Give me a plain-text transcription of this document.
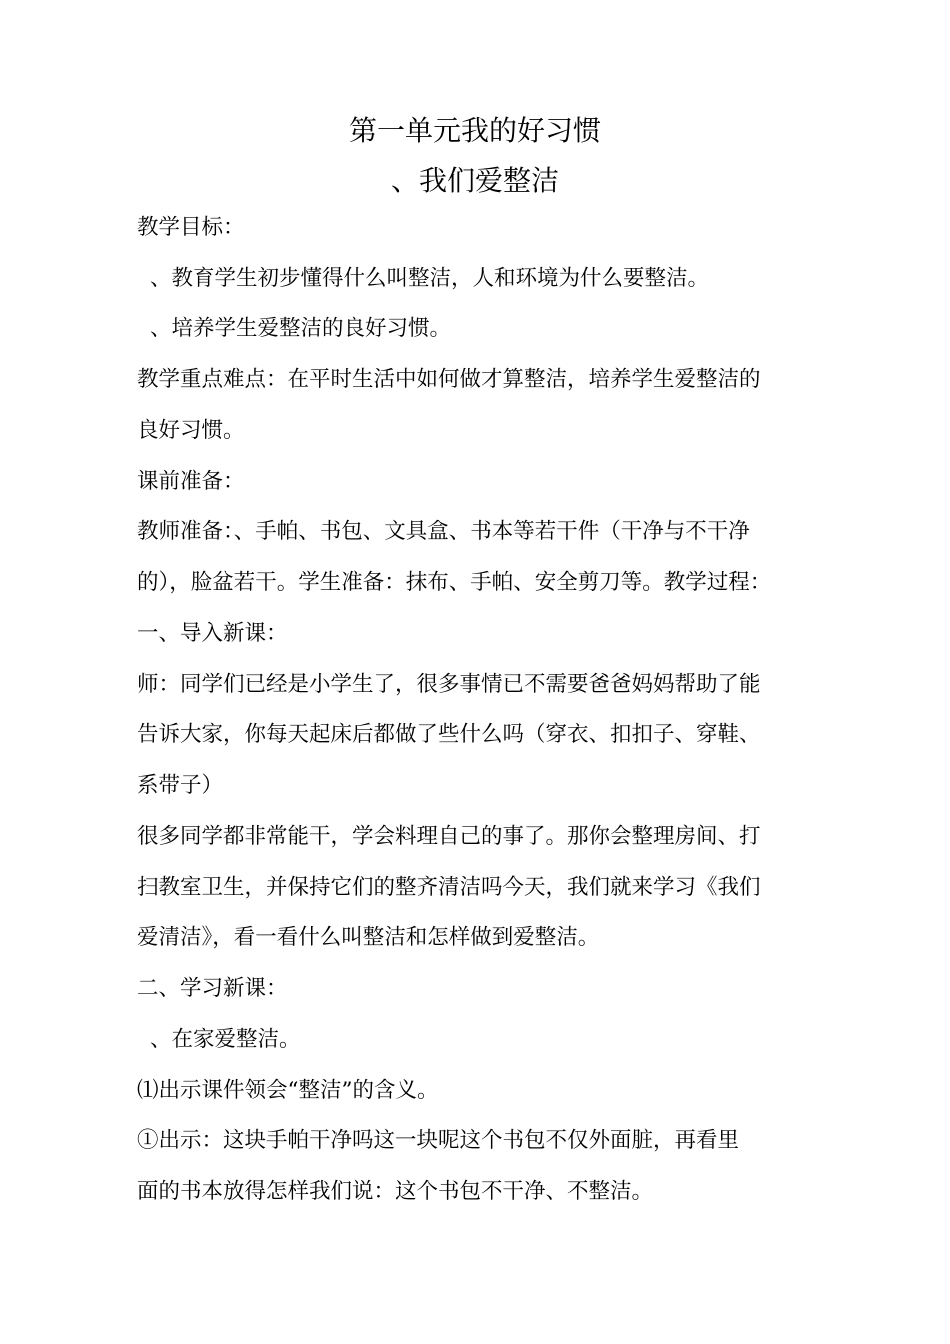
第一单元我的好习惯
、我们爱整洁
教学目标：
、教育学生初步懂得什么叫整洁，人和环境为什么要整洁。
、培养学生爱整洁的良好习惯。
教学重点难点：在平时生活中如何做才算整洁，培养学生爱整洁的
良好习惯。
课前准备：
教师准备：、手帕、书包、文具盒、书本等若干件（干净与不干净
的），脸盆若干。学生准备：抹布、手帕、安全剪刀等。教学过程：
一、导入新课：
师：同学们已经是小学生了，很多事情已不需要爸爸妈妈帮助了能
告诉大家，你每天起床后都做了些什么吗（穿衣、扣扣子、穿鞋、
系带子）
很多同学都非常能干，学会料理自己的事了。那你会整理房间、打
扫教室卫生，并保持它们的整齐清洁吗今天，我们就来学习《我们
爱清洁》，看一看什么叫整洁和怎样做到爱整洁。
二、学习新课：
、在家爱整洁。
⑴出示课件领会“整洁”的含义。
①出示：这块手帕干净吗这一块呢这个书包不仅外面脏，再看里
面的书本放得怎样我们说：这个书包不干净、不整洁。
